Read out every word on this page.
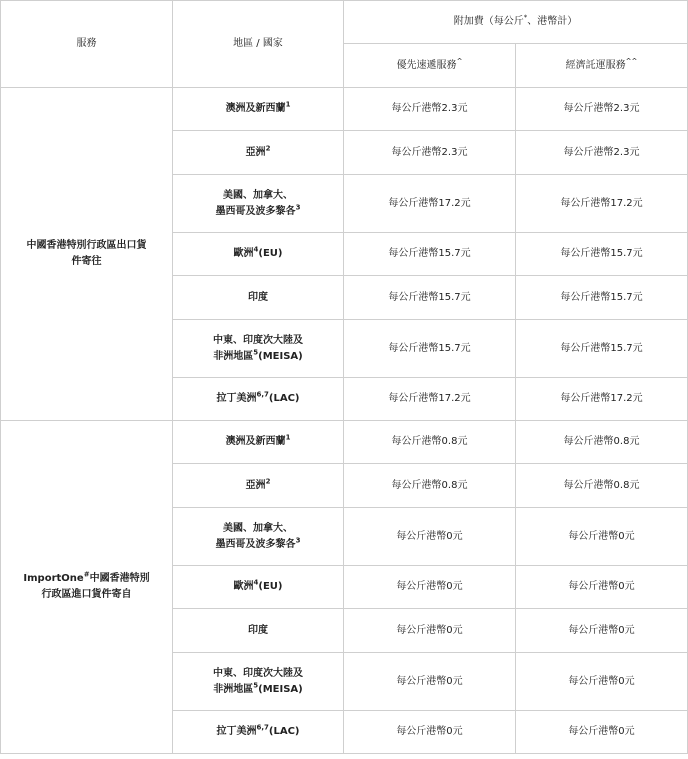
服務	地區 / 國家	附加費（每公斤*、港幣計）	
		優先速遞服務^	經濟託運服務^^
中國香港特別行政區出口貨
件寄往	澳洲及新西蘭$^1$	每公斤港幣2.3元	每公斤港幣2.3元
	亞洲$^2$	每公斤港幣2.3元	每公斤港幣2.3元
	美國、加拿大、
墨西哥及波多黎各$^3$	每公斤港幣17.2元	每公斤港幣17.2元
	歐洲$^4$(EU)	每公斤港幣15.7元	每公斤港幣15.7元
	印度	每公斤港幣15.7元	每公斤港幣15.7元
	中東、印度次大陸及
非洲地區$^5$(MEISA)	每公斤港幣15.7元	每公斤港幣15.7元
	拉丁美洲$^{6,7}$(LAC)	每公斤港幣17.2元	每公斤港幣17.2元
ImportOne#中國香港特別
行政區進口貨件寄自	澳洲及新西蘭$^1$	每公斤港幣0.8元	每公斤港幣0.8元
	亞洲$^2$	每公斤港幣0.8元	每公斤港幣0.8元
	美國、加拿大、
墨西哥及波多黎各$^3$	每公斤港幣0元	每公斤港幣0元
	歐洲$^4$(EU)	每公斤港幣0元	每公斤港幣0元
	印度	每公斤港幣0元	每公斤港幣0元
	中東、印度次大陸及
非洲地區$^5$(MEISA)	每公斤港幣0元	每公斤港幣0元
	拉丁美洲$^{6,7}$(LAC)	每公斤港幣0元	每公斤港幣0元
